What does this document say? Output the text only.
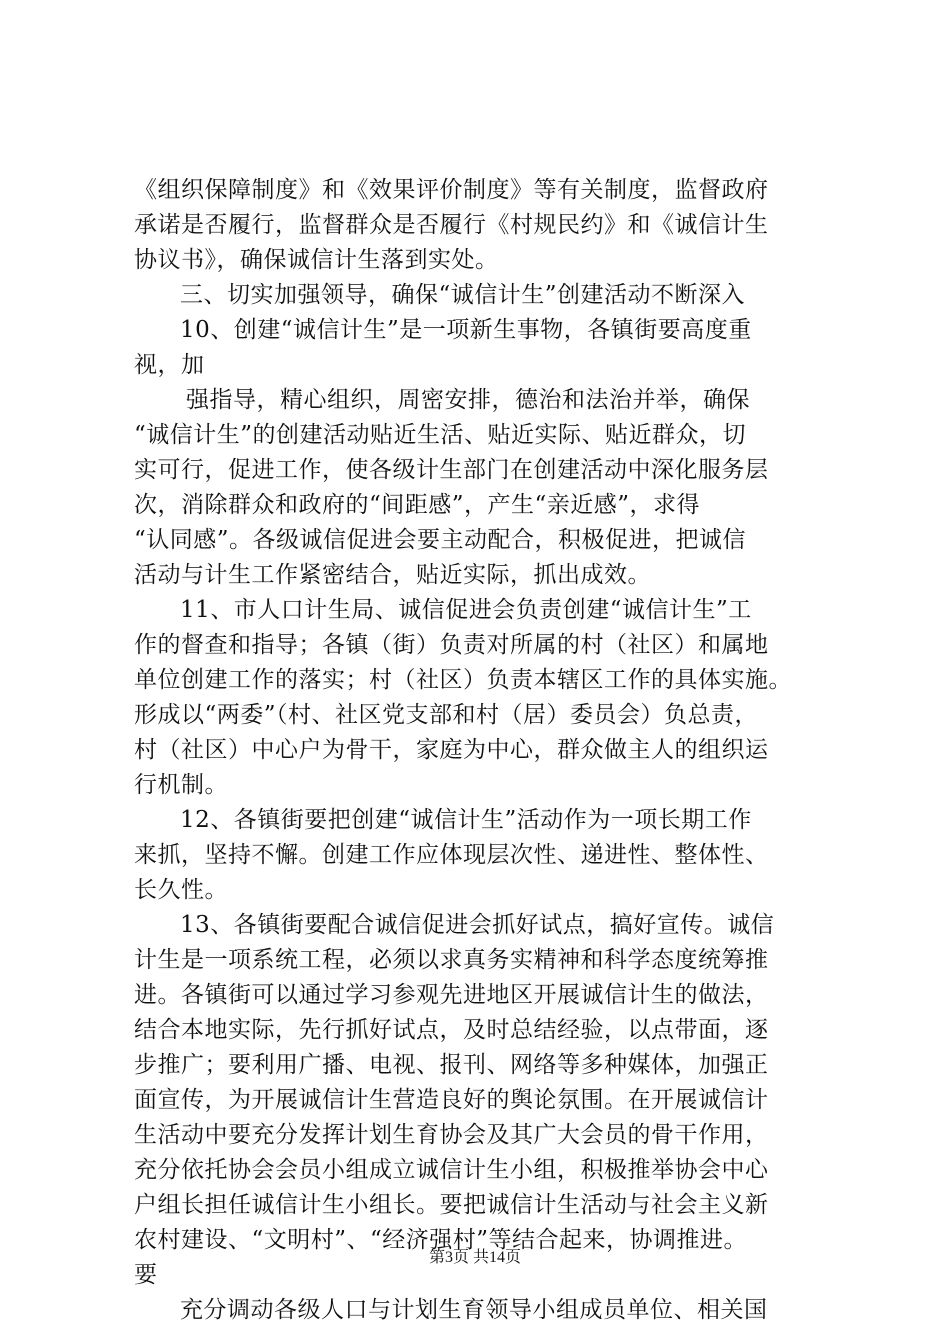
《组织保障制度》和《效果评价制度》等有关制度，监督政府
承诺是否履行，监督群众是否履行《村规民约》和《诚信计生
协议书》，确保诚信计生落到实处。
三、切实加强领导，确保“诚信计生”创建活动不断深入
10、创建“诚信计生”是一项新生事物，各镇街要高度重
视，加
强指导，精心组织，周密安排，德治和法治并举，确保
“诚信计生”的创建活动贴近生活、贴近实际、贴近群众，切
实可行，促进工作，使各级计生部门在创建活动中深化服务层
次，消除群众和政府的“间距感”，产生“亲近感”，求得
“认同感”。各级诚信促进会要主动配合，积极促进，把诚信
活动与计生工作紧密结合，贴近实际，抓出成效。
11、市人口计生局、诚信促进会负责创建“诚信计生”工
作的督查和指导；各镇（街）负责对所属的村（社区）和属地
单位创建工作的落实；村（社区）负责本辖区工作的具体实施。
形成以“两委”（村、社区党支部和村（居）委员会）负总责，
村（社区）中心户为骨干，家庭为中心，群众做主人的组织运
行机制。
12、各镇街要把创建“诚信计生”活动作为一项长期工作
来抓，坚持不懈。创建工作应体现层次性、递进性、整体性、
长久性。
13、各镇街要配合诚信促进会抓好试点，搞好宣传。诚信
计生是一项系统工程，必须以求真务实精神和科学态度统筹推
进。各镇街可以通过学习参观先进地区开展诚信计生的做法，
结合本地实际，先行抓好试点，及时总结经验，以点带面，逐
步推广；要利用广播、电视、报刊、网络等多种媒体，加强正
面宣传，为开展诚信计生营造良好的舆论氛围。在开展诚信计
生活动中要充分发挥计划生育协会及其广大会员的骨干作用，
充分依托协会会员小组成立诚信计生小组，积极推举协会中心
户组长担任诚信计生小组长。要把诚信计生活动与社会主义新
农村建设、“文明村”、“经济强村”等结合起来，协调推进。
要
充分调动各级人口与计划生育领导小组成员单位、相关国
第3页 共14页
